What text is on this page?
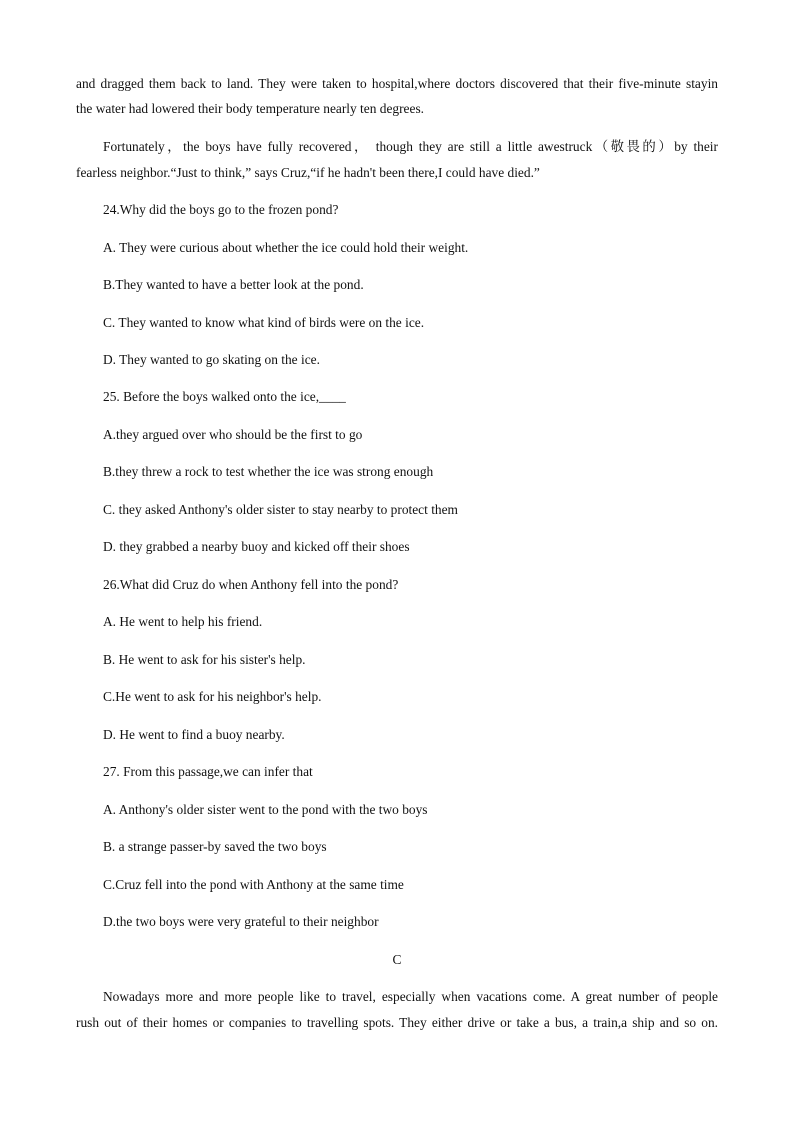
and dragged them back to land. They were taken to hospital,where doctors discovered that their five-minute stayin
the water had lowered their body temperature nearly ten degrees.
Fortunately，the boys have fully recovered， though they are still a little awestruck（敬畏的）by their
fearless neighbor.“Just to think,” says Cruz,“if he hadn't been there,I could have died.”
24.Why did the boys go to the frozen pond?
A. They were curious about whether the ice could hold their weight.
B.They wanted to have a better look at the pond.
C. They wanted to know what kind of birds were on the ice.
D. They wanted to go skating on the ice.
25. Before the boys walked onto the ice,____
A.they argued over who should be the first to go
B.they threw a rock to test whether the ice was strong enough
C. they asked Anthony's older sister to stay nearby to protect them
D. they grabbed a nearby buoy and kicked off their shoes
26.What did Cruz do when Anthony fell into the pond?
A. He went to help his friend.
B. He went to ask for his sister's help.
C.He went to ask for his neighbor's help.
D. He went to find a buoy nearby.
27. From this passage,we can infer that
A. Anthony's older sister went to the pond with the two boys
B. a strange passer-by saved the two boys
C.Cruz fell into the pond with Anthony at the same time
D.the two boys were very grateful to their neighbor
C
Nowadays more and more people like to travel, especially when vacations come. A great number of people
rush out of their homes or companies to travelling spots. They either drive or take a bus, a train,a ship and so on.
